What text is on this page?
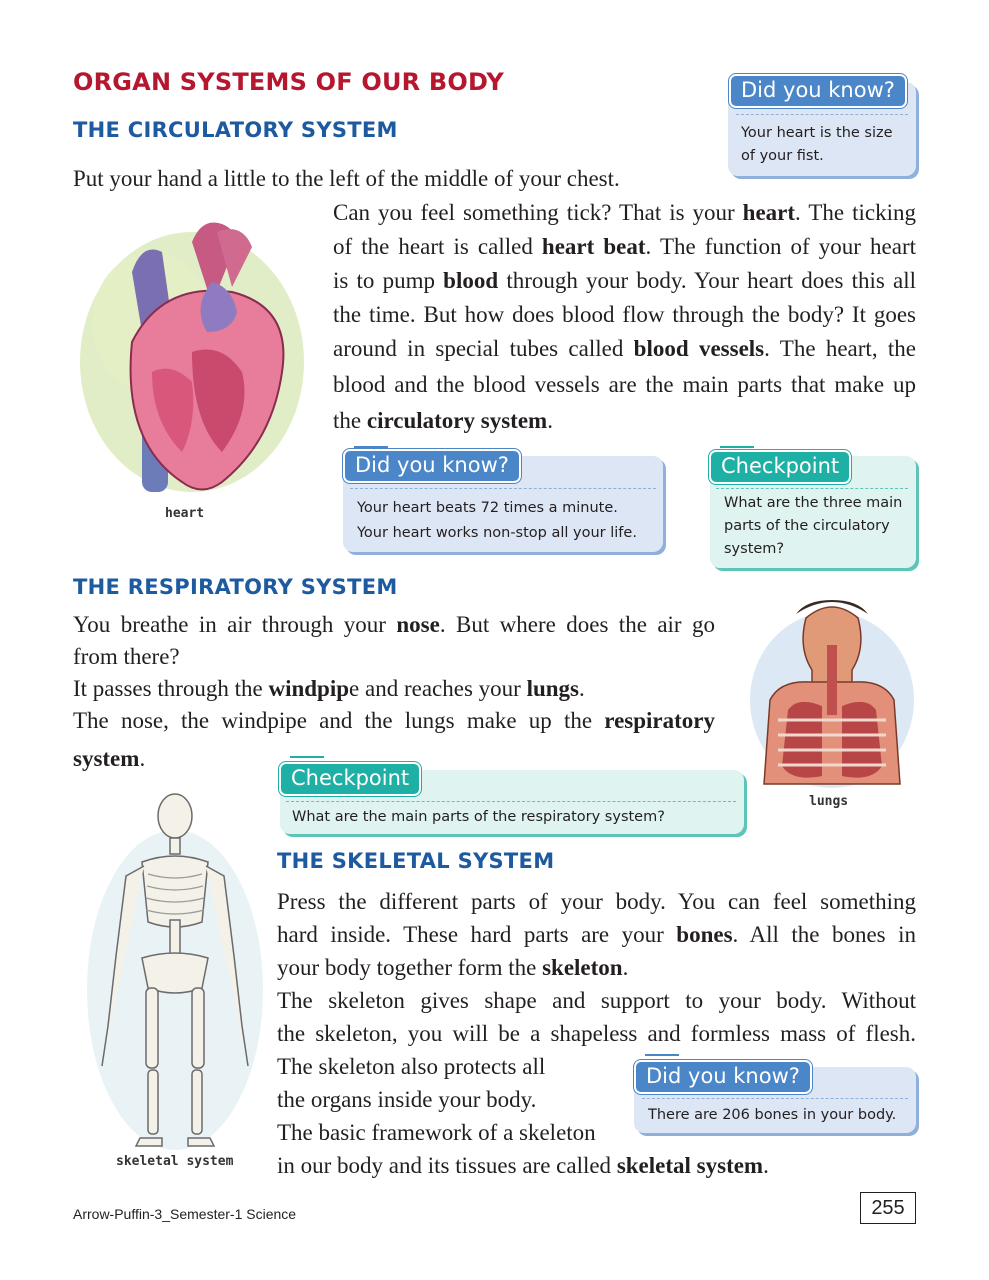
ORGAN SYSTEMS OF OUR BODY
THE CIRCULATORY SYSTEM
Put your hand a little to the left of the middle of your chest.
Did you know?
Your heart is the size
of your fist.
heart
Can you feel something tick? That is your heart. The ticking
of the heart is called heart beat. The function of your heart
is to pump blood through your body. Your heart does this all
the time. But how does blood flow through the body? It goes
around in special tubes called blood vessels. The heart, the
blood and the blood vessels are the main parts that make up
the circulatory system.
Did you know?
Your heart beats 72 times a minute.
Your heart works non-stop all your life.
Checkpoint
What are the three main
parts of the circulatory
system?
THE RESPIRATORY SYSTEM
You breathe in air through your nose. But where does the air go
from there?
It passes through the windpipe and reaches your lungs.
The nose, the windpipe and the lungs make up the respiratory
system.
lungs
Checkpoint
What are the main parts of the respiratory system?
skeletal system
THE SKELETAL SYSTEM
Press the different parts of your body. You can feel something
hard inside. These hard parts are your bones. All the bones in
your body together form the skeleton.
The skeleton gives shape and support to your body. Without
the skeleton, you will be a shapeless and formless mass of flesh.
The skeleton also protects all
the organs inside your body.
The basic framework of a skeleton
in our body and its tissues are called skeletal system.
Did you know?
There are 206 bones in your body.
Arrow-Puffin-3_Semester-1 Science	255
